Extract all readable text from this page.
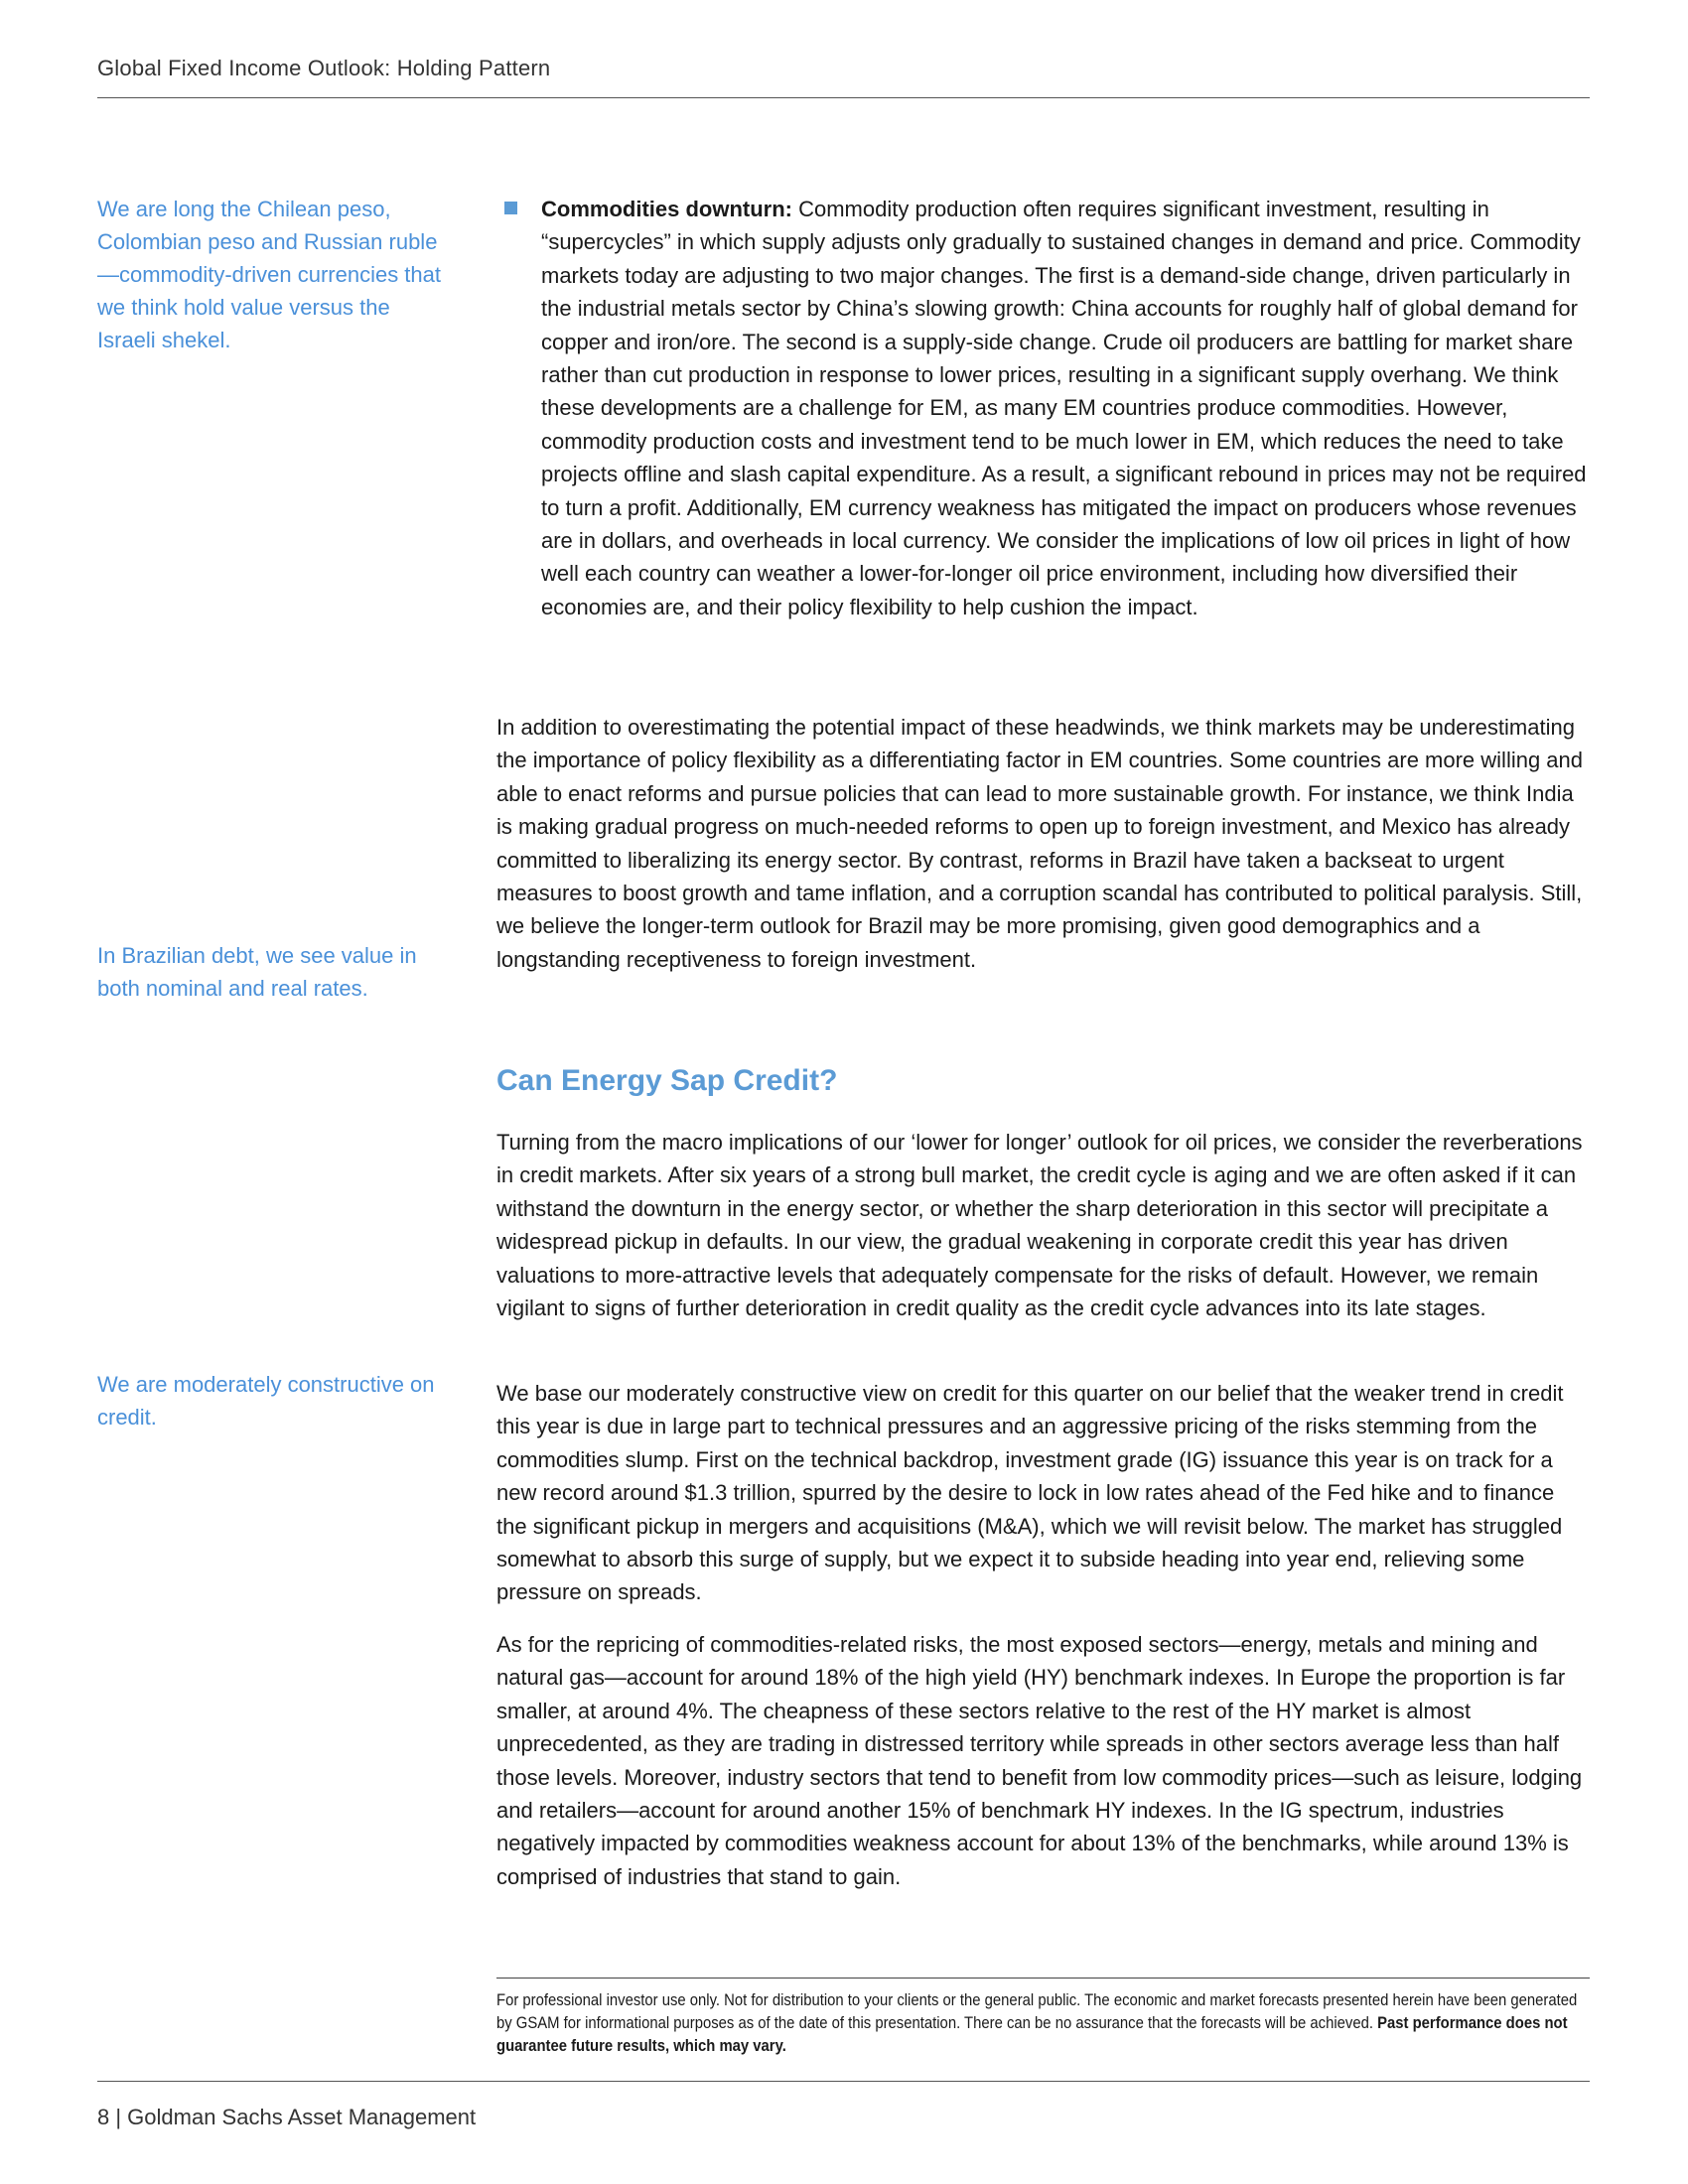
Global Fixed Income Outlook: Holding Pattern
We are long the Chilean peso, Colombian peso and Russian ruble—commodity-driven currencies that we think hold value versus the Israeli shekel.
In Brazilian debt, we see value in both nominal and real rates.
We are moderately constructive on credit.

Commodities downturn: Commodity production often requires significant investment, resulting in “supercycles” in which supply adjusts only gradually to sustained changes in demand and price. Commodity markets today are adjusting to two major changes. The first is a demand-side change, driven particularly in the industrial metals sector by China’s slowing growth: China accounts for roughly half of global demand for copper and iron/ore. The second is a supply-side change. Crude oil producers are battling for market share rather than cut production in response to lower prices, resulting in a significant supply overhang. We think these developments are a challenge for EM, as many EM countries produce commodities. However, commodity production costs and investment tend to be much lower in EM, which reduces the need to take projects offline and slash capital expenditure. As a result, a significant rebound in prices may not be required to turn a profit. Additionally, EM currency weakness has mitigated the impact on producers whose revenues are in dollars, and overheads in local currency. We consider the implications of low oil prices in light of how well each country can weather a lower-for-longer oil price environment, including how diversified their economies are, and their policy flexibility to help cushion the impact.

In addition to overestimating the potential impact of these headwinds, we think markets may be underestimating the importance of policy flexibility as a differentiating factor in EM countries. Some countries are more willing and able to enact reforms and pursue policies that can lead to more sustainable growth. For instance, we think India is making gradual progress on much-needed reforms to open up to foreign investment, and Mexico has already committed to liberalizing its energy sector. By contrast, reforms in Brazil have taken a backseat to urgent measures to boost growth and tame inflation, and a corruption scandal has contributed to political paralysis. Still, we believe the longer-term outlook for Brazil may be more promising, given good demographics and a longstanding receptiveness to foreign investment.

Can Energy Sap Credit?

Turning from the macro implications of our ‘lower for longer’ outlook for oil prices, we consider the reverberations in credit markets. After six years of a strong bull market, the credit cycle is aging and we are often asked if it can withstand the downturn in the energy sector, or whether the sharp deterioration in this sector will precipitate a widespread pickup in defaults. In our view, the gradual weakening in corporate credit this year has driven valuations to more-attractive levels that adequately compensate for the risks of default. However, we remain vigilant to signs of further deterioration in credit quality as the credit cycle advances into its late stages.

We base our moderately constructive view on credit for this quarter on our belief that the weaker trend in credit this year is due in large part to technical pressures and an aggressive pricing of the risks stemming from the commodities slump. First on the technical backdrop, investment grade (IG) issuance this year is on track for a new record around $1.3 trillion, spurred by the desire to lock in low rates ahead of the Fed hike and to finance the significant pickup in mergers and acquisitions (M&A), which we will revisit below. The market has struggled somewhat to absorb this surge of supply, but we expect it to subside heading into year end, relieving some pressure on spreads.

As for the repricing of commodities-related risks, the most exposed sectors—energy, metals and mining and natural gas—account for around 18% of the high yield (HY) benchmark indexes. In Europe the proportion is far smaller, at around 4%. The cheapness of these sectors relative to the rest of the HY market is almost unprecedented, as they are trading in distressed territory while spreads in other sectors average less than half those levels. Moreover, industry sectors that tend to benefit from low commodity prices—such as leisure, lodging and retailers—account for around another 15% of benchmark HY indexes. In the IG spectrum, industries negatively impacted by commodities weakness account for about 13% of the benchmarks, while around 13% is comprised of industries that stand to gain.

For professional investor use only. Not for distribution to your clients or the general public. The economic and market forecasts presented herein have been generated by GSAM for informational purposes as of the date of this presentation. There can be no assurance that the forecasts will be achieved. Past performance does not guarantee future results, which may vary.
8 | Goldman Sachs Asset Management
